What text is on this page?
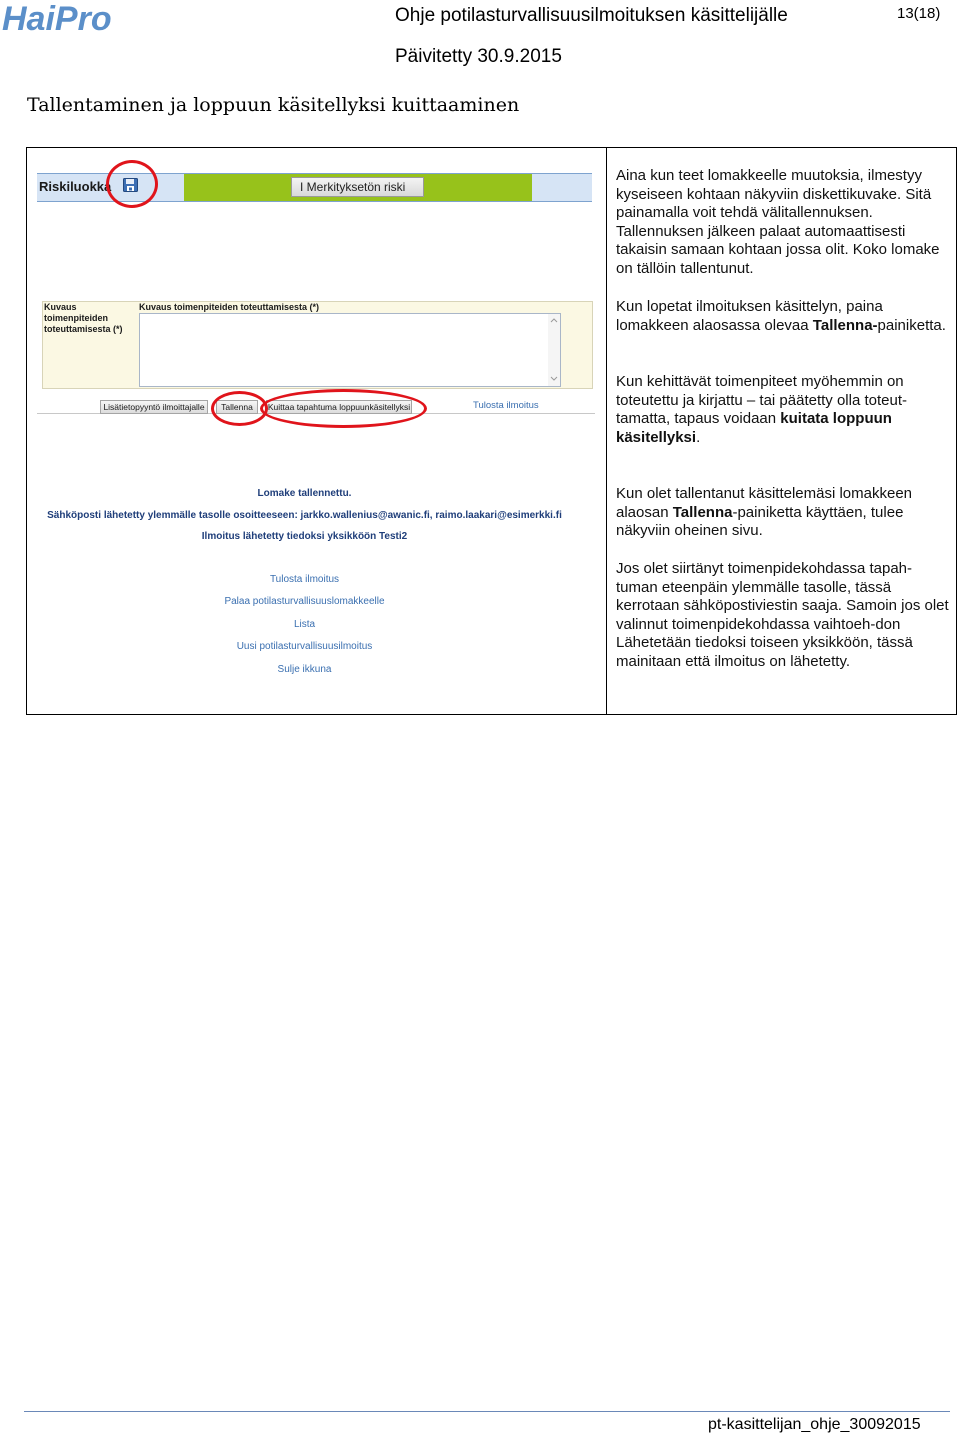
HaiPro	Ohje potilasturvallisuusilmoituksen käsittelijälle	13(18)
Päivitetty 30.9.2015
Tallentaminen ja loppuun käsitellyksi kuittaaminen
Riskiluokka	I Merkityksetön riski
Kuvaus toimenpiteiden toteuttamisesta (*)
Kuvaus toimenpiteiden toteuttamisesta (*)
Lisätietopyyntö ilmoittajalle	Tallenna	Kuittaa tapahtuma loppuunkäsitellyksi	Tulosta ilmoitus
Lomake tallennettu.
Sähköposti lähetetty ylemmälle tasolle osoitteeseen: jarkko.wallenius@awanic.fi, raimo.laakari@esimerkki.fi
Ilmoitus lähetetty tiedoksi yksikköön Testi2
Tulosta ilmoitus
Palaa potilasturvallisuuslomakkeelle
Lista
Uusi potilasturvallisuusilmoitus
Sulje ikkuna
Aina kun teet lomakkeelle muutoksia, ilmestyy kyseiseen kohtaan näkyviin diskettikuvake. Sitä painamalla voit tehdä välitallennuksen. Tallennuksen jälkeen palaat automaattisesti takaisin samaan kohtaan jossa olit. Koko lomake on tällöin tallentunut.
Kun lopetat ilmoituksen käsittelyn, paina lomakkeen alaosassa olevaa Tallenna-painiketta.
Kun kehittävät toimenpiteet myöhemmin on toteutettu ja kirjattu – tai päätetty olla toteut-tamatta, tapaus voidaan kuitata loppuun käsitellyksi.
Kun olet tallentanut käsittelemäsi lomakkeen alaosan Tallenna-painiketta käyttäen, tulee näkyviin oheinen sivu.
Jos olet siirtänyt toimenpidekohdassa tapah-tuman eteenpäin ylemmälle tasolle, tässä kerrotaan sähköpostiviestin saaja. Samoin jos olet valinnut toimenpidekohdassa vaihtoeh-don Lähetetään tiedoksi toiseen yksikköön, tässä mainitaan että ilmoitus on lähetetty.
pt-kasittelijan_ohje_30092015
